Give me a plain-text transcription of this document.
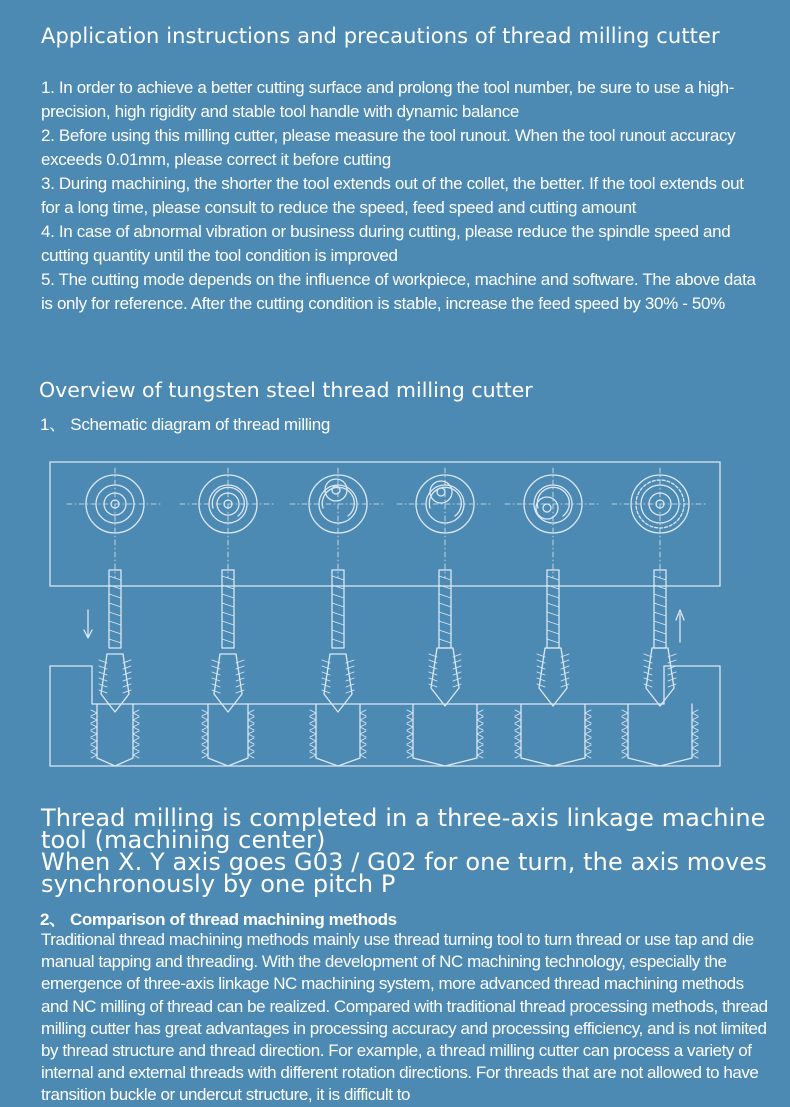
Application instructions and precautions of thread milling cutter
1. In order to achieve a better cutting surface and prolong the tool number, be sure to use a high-precision, high rigidity and stable tool handle with dynamic balance
2. Before using this milling cutter, please measure the tool runout. When the tool runout accuracy exceeds 0.01mm, please correct it before cutting
3. During machining, the shorter the tool extends out of the collet, the better. If the tool extends out for a long time, please consult to reduce the speed, feed speed and cutting amount
4. In case of abnormal vibration or business during cutting, please reduce the spindle speed and cutting quantity until the tool condition is improved
5. The cutting mode depends on the influence of workpiece, machine and software. The above data is only for reference. After the cutting condition is stable, increase the feed speed by 30% - 50%
Overview of tungsten steel thread milling cutter
1、 Schematic diagram of thread milling
Thread milling is completed in a three-axis linkage machine tool (machining center)
When X. Y axis goes G03 / G02 for one turn, the axis moves synchronously by one pitch P
2、 Comparison of thread machining methods
Traditional thread machining methods mainly use thread turning tool to turn thread or use tap and die manual tapping and threading. With the development of NC machining technology, especially the emergence of three-axis linkage NC machining system, more advanced thread machining methods and NC milling of thread can be realized. Compared with traditional thread processing methods, thread milling cutter has great advantages in processing accuracy and processing efficiency, and is not limited by thread structure and thread direction. For example, a thread milling cutter can process a variety of internal and external threads with different rotation directions. For threads that are not allowed to have transition buckle or undercut structure, it is difficult to
